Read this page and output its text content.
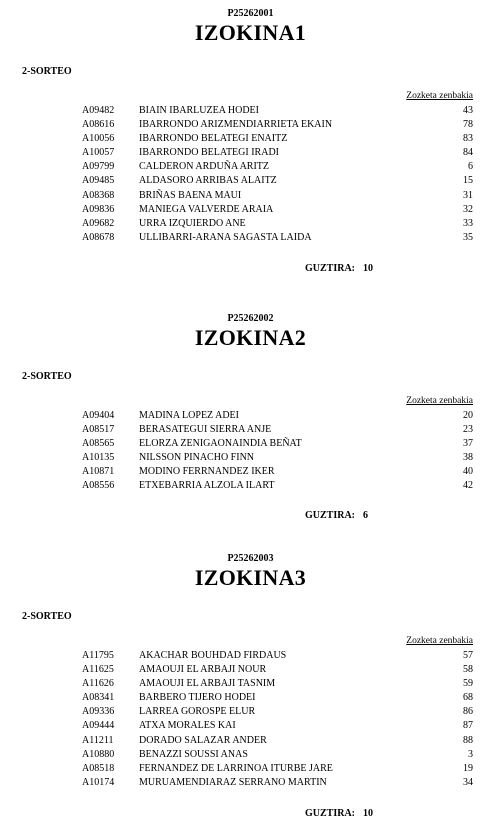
P25262001
IZOKINA1
2-SORTEO
Zozketa zenbakia
A09482 BIAIN IBARLUZEA HODEI	43
A08616 IBARRONDO ARIZMENDIARRIETA EKAIN	78
A10056 IBARRONDO BELATEGI ENAITZ	83
A10057 IBARRONDO BELATEGI IRADI	84
A09799 CALDERON ARDUÑA ARITZ	6
A09485 ALDASORO ARRIBAS ALAITZ	15
A08368 BRIÑAS BAENA MAUI	31
A09836 MANIEGA VALVERDE ARAIA	32
A09682 URRA IZQUIERDO ANE	33
A08678 ULLIBARRI-ARANA SAGASTA LAIDA	35
GUZTIRA: 10
P25262002
IZOKINA2
2-SORTEO
Zozketa zenbakia
A09404 MADINA LOPEZ ADEI	20
A08517 BERASATEGUI SIERRA ANJE	23
A08565 ELORZA ZENIGAONAINDIA BEÑAT	37
A10135 NILSSON PINACHO FINN	38
A10871 MODINO FERRNANDEZ IKER	40
A08556 ETXEBARRIA ALZOLA ILART	42
GUZTIRA: 6
P25262003
IZOKINA3
2-SORTEO
Zozketa zenbakia
A11795	AKACHAR BOUHDAD FIRDAUS	57
A11625	AMAOUJI EL ARBAJI NOUR	58
A11626	AMAOUJI EL ARBAJI TASNIM	59
A08341 BARBERO TIJERO HODEI	68
A09336 LARREA GOROSPE ELUR	86
A09444 ATXA MORALES KAI	87
A11211	DORADO SALAZAR ANDER	88
A10880 BENAZZI SOUSSI ANAS	3
A08518 FERNANDEZ DE LARRINOA ITURBE JARE	19
A10174 MURUAMENDIARAZ SERRANO MARTIN	34
GUZTIRA: 10
